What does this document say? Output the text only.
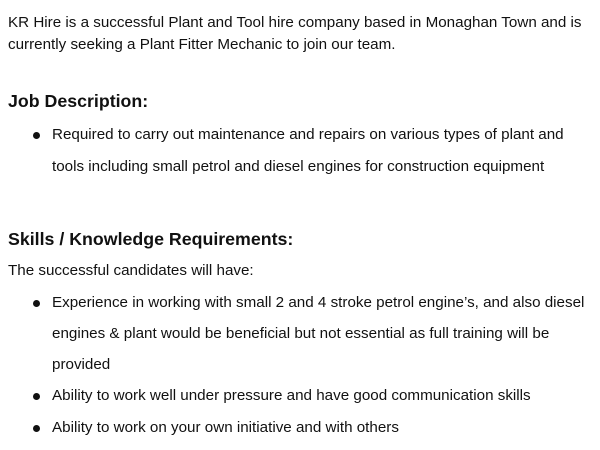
KR Hire is a successful Plant and Tool hire company based in Monaghan Town and is currently seeking a Plant Fitter Mechanic to join our team.

Job Description:
Required to carry out maintenance and repairs on various types of plant and tools including small petrol and diesel engines for construction equipment
Skills / Knowledge Requirements:

The successful candidates will have:

Experience in working with small 2 and 4 stroke petrol engine’s, and also diesel engines & plant would be beneficial but not essential as full training will be provided
Ability to work well under pressure and have good communication skills
Ability to work on your own initiative and with others
